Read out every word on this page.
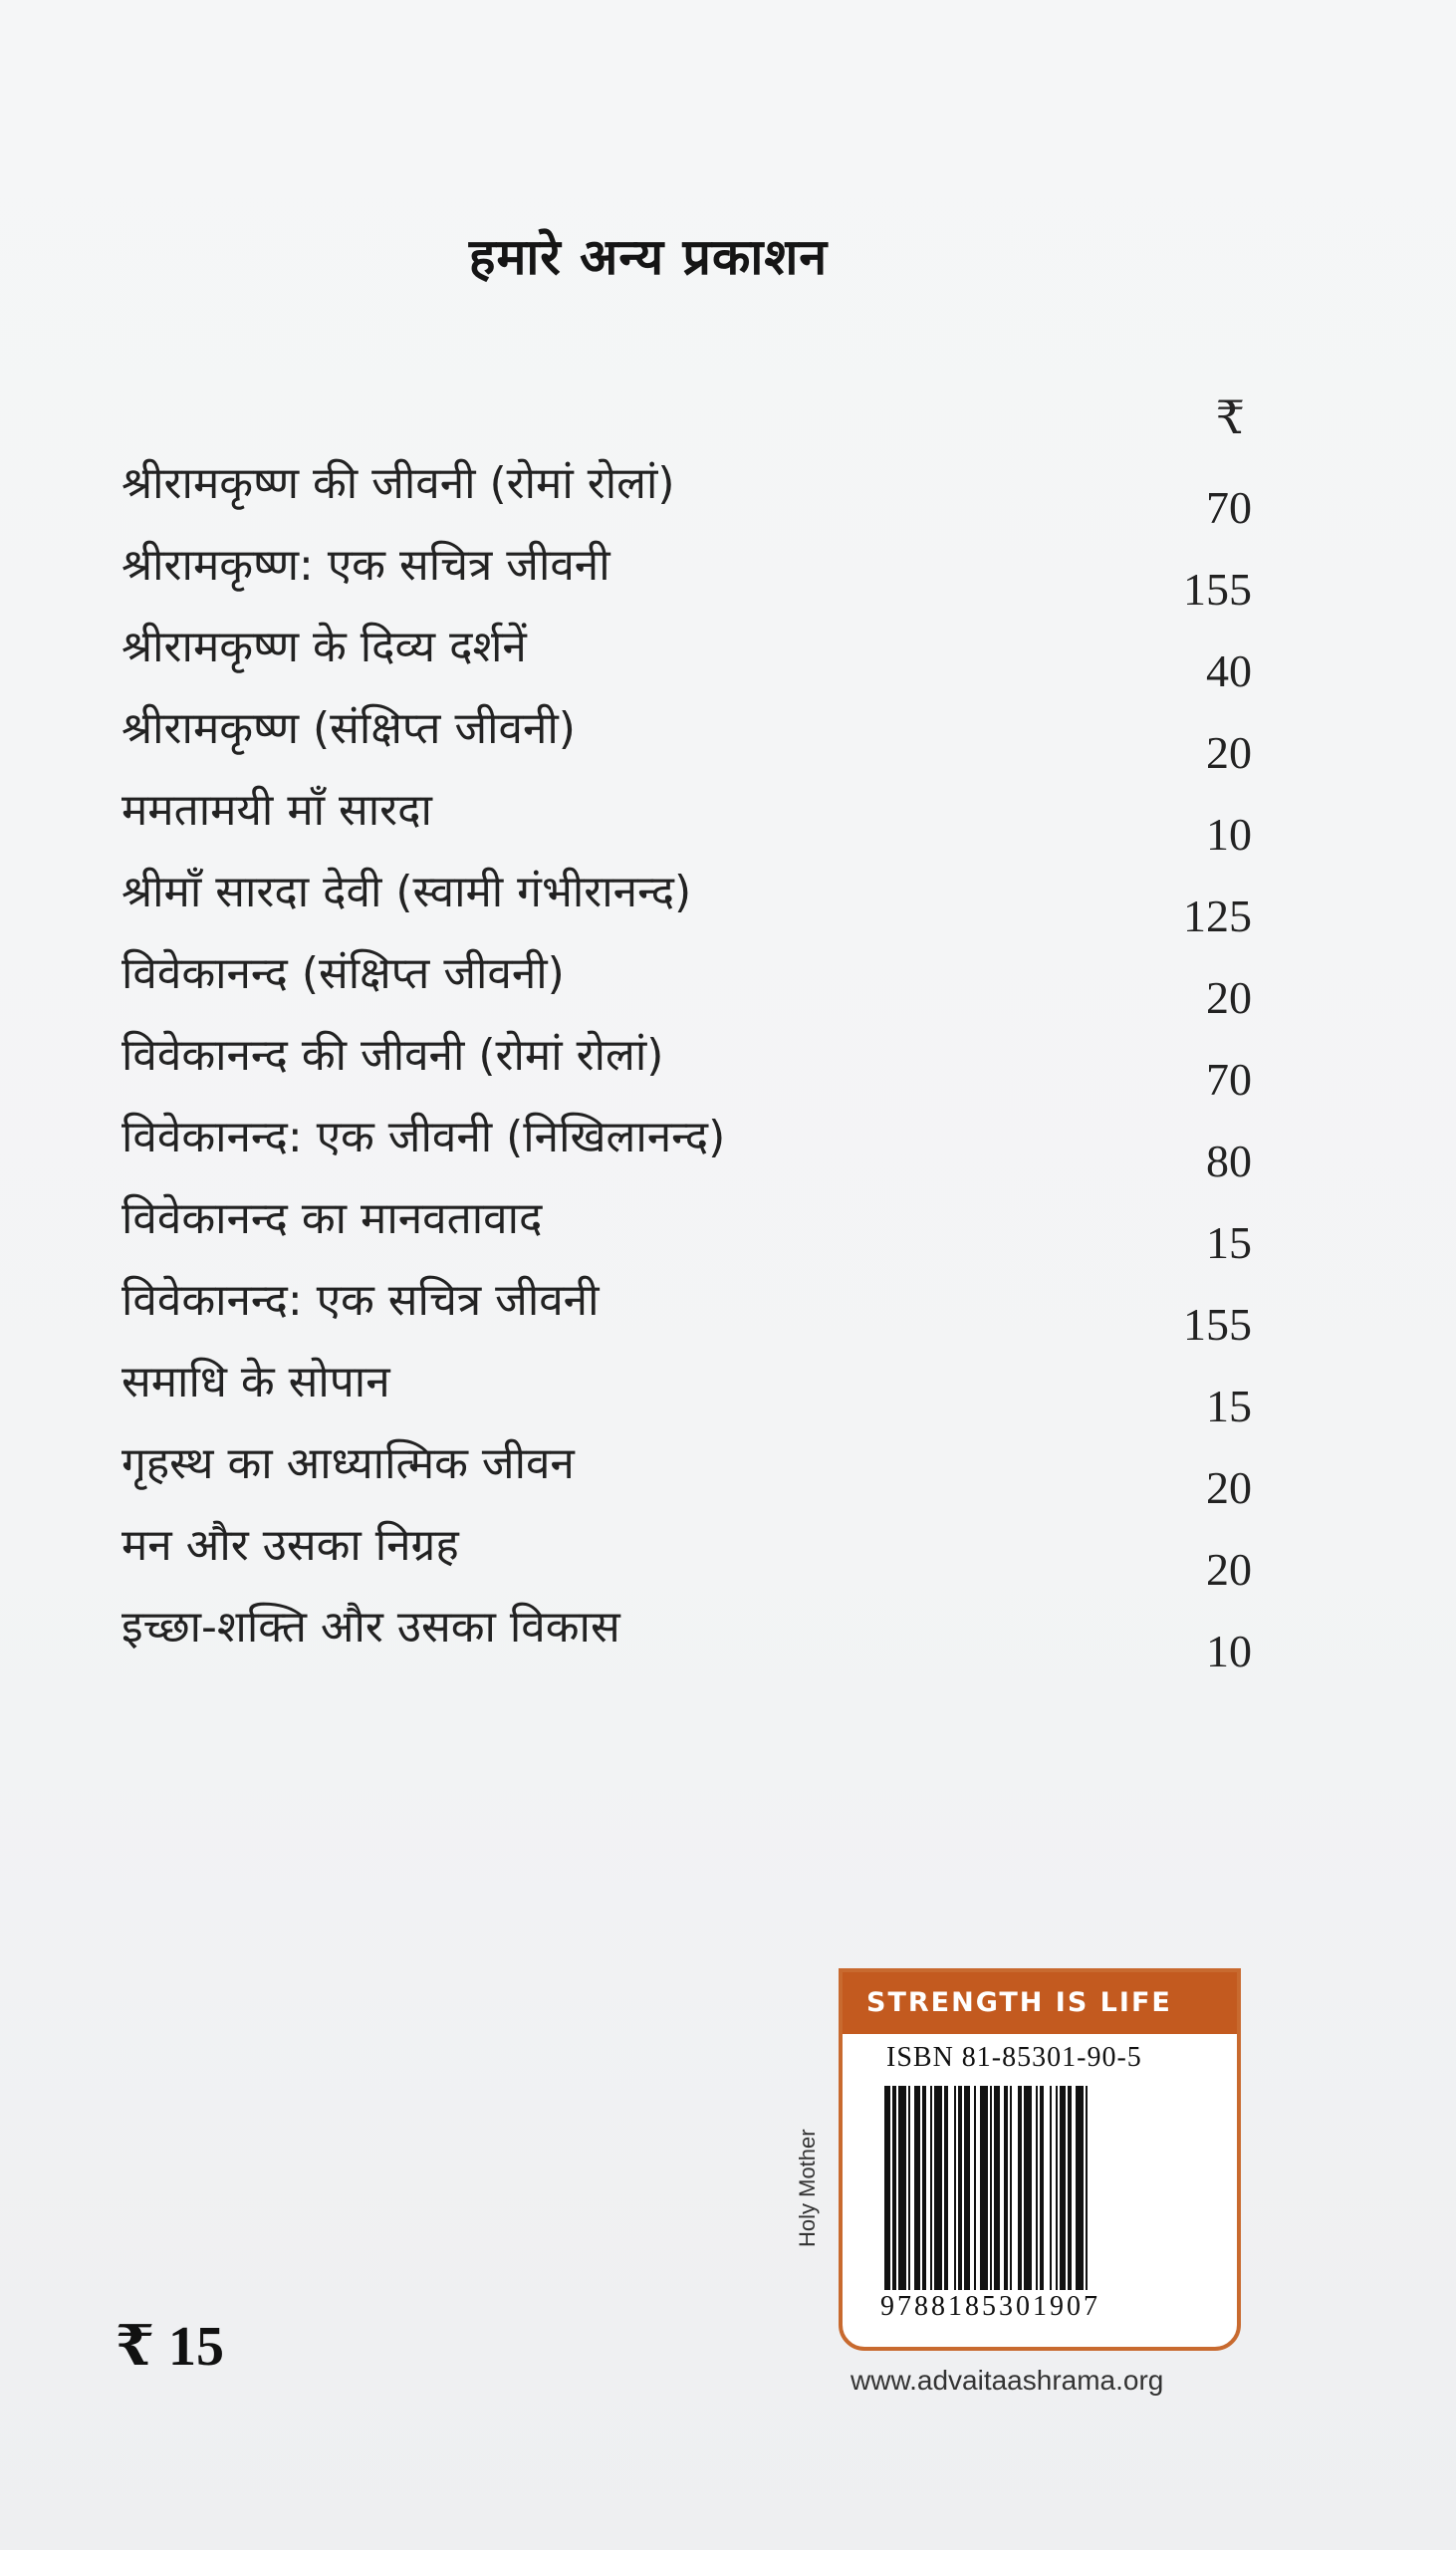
हमारे अन्य प्रकाशन
₹
श्रीरामकृष्ण की जीवनी (रोमां रोलां)	70
श्रीरामकृष्ण: एक सचित्र जीवनी	155
श्रीरामकृष्ण के दिव्य दर्शनें	40
श्रीरामकृष्ण (संक्षिप्त जीवनी)	20
ममतामयी माँ सारदा	10
श्रीमाँ सारदा देवी (स्वामी गंभीरानन्द)	125
विवेकानन्द (संक्षिप्त जीवनी)	20
विवेकानन्द की जीवनी (रोमां रोलां)	70
विवेकानन्द: एक जीवनी (निखिलानन्द)	80
विवेकानन्द का मानवतावाद	15
विवेकानन्द: एक सचित्र जीवनी	155
समाधि के सोपान	15
गृहस्थ का आध्यात्मिक जीवन	20
मन और उसका निग्रह	20
इच्छा-शक्ति और उसका विकास	10
₹ 15
Holy Mother
STRENGTH IS LIFE
ISBN 81-85301-90-5
9788185301907
www.advaitaashrama.org
